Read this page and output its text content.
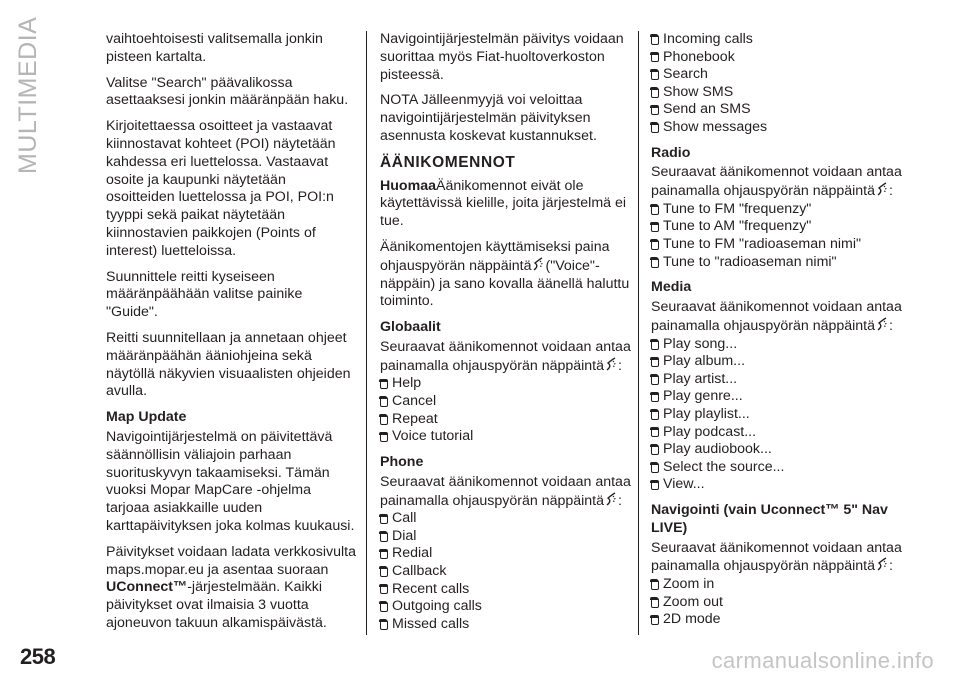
MULTIMEDIA	vaihtoehtoisesti valitsemalla jonkin pisteen kartalta.

Valitse "Search" päävalikossa asettaaksesi jonkin määränpään haku.

Kirjoitettaessa osoitteet ja vastaavat kiinnostavat kohteet (POI) näytetään kahdessa eri luettelossa. Vastaavat osoite ja kaupunki näytetään osoitteiden luettelossa ja POI, POI:n tyyppi sekä paikat näytetään kiinnostavien paikkojen (Points of interest) luetteloissa.

Suunnittele reitti kyseiseen määränpäähään valitse painike "Guide".

Reitti suunnitellaan ja annetaan ohjeet määränpäähän ääniohjeina sekä näytöllä näkyvien visuaalisten ohjeiden avulla.

Map Update

Navigointijärjestelmä on päivitettävä säännöllisin väliajoin parhaan suorituskyvyn takaamiseksi. Tämän vuoksi Mopar MapCare -ohjelma tarjoaa asiakkaille uuden karttapäivityksen joka kolmas kuukausi.

Päivitykset voidaan ladata verkkosivulta maps.mopar.eu ja asentaa suoraan UConnect™-järjestelmään. Kaikki päivitykset ovat ilmaisia 3 vuotta ajoneuvon takuun alkamispäivästä.

Navigointijärjestelmän päivitys voidaan suorittaa myös Fiat-huoltoverkoston pisteessä.

NOTA Jälleenmyyjä voi veloittaa navigointijärjestelmän päivityksen asennusta koskevat kustannukset.

ÄÄNIKOMENNOT

HuomaaÄänikomennot eivät ole käytettävissä kielille, joita järjestelmä ei tue.

Äänikomentojen käyttämiseksi paina ohjauspyörän näppäintä ("Voice"-näppäin) ja sano kovalla äänellä haluttu toiminto.

Globaalit
Seuraavat äänikomennot voidaan antaa painamalla ohjauspyörän näppäintä :
Help
Cancel
Repeat
Voice tutorial
Phone
Seuraavat äänikomennot voidaan antaa painamalla ohjauspyörän näppäintä :
Call
Dial
Redial
Callback
Recent calls
Outgoing calls
Missed calls
Incoming calls
Phonebook
Search
Show SMS
Send an SMS
Show messages
Radio
Seuraavat äänikomennot voidaan antaa painamalla ohjauspyörän näppäintä :
Tune to FM "frequenzy"
Tune to AM "frequenzy"
Tune to FM "radioaseman nimi"
Tune to "radioaseman nimi"
Media
Seuraavat äänikomennot voidaan antaa painamalla ohjauspyörän näppäintä :
Play song...
Play album...
Play artist...
Play genre...
Play playlist...
Play podcast...
Play audiobook...
Select the source...
View...
Navigointi (vain Uconnect™ 5" Nav LIVE)
Seuraavat äänikomennot voidaan antaa painamalla ohjauspyörän näppäintä :
Zoom in
Zoom out
2D mode
258	carmanualsonline.info
